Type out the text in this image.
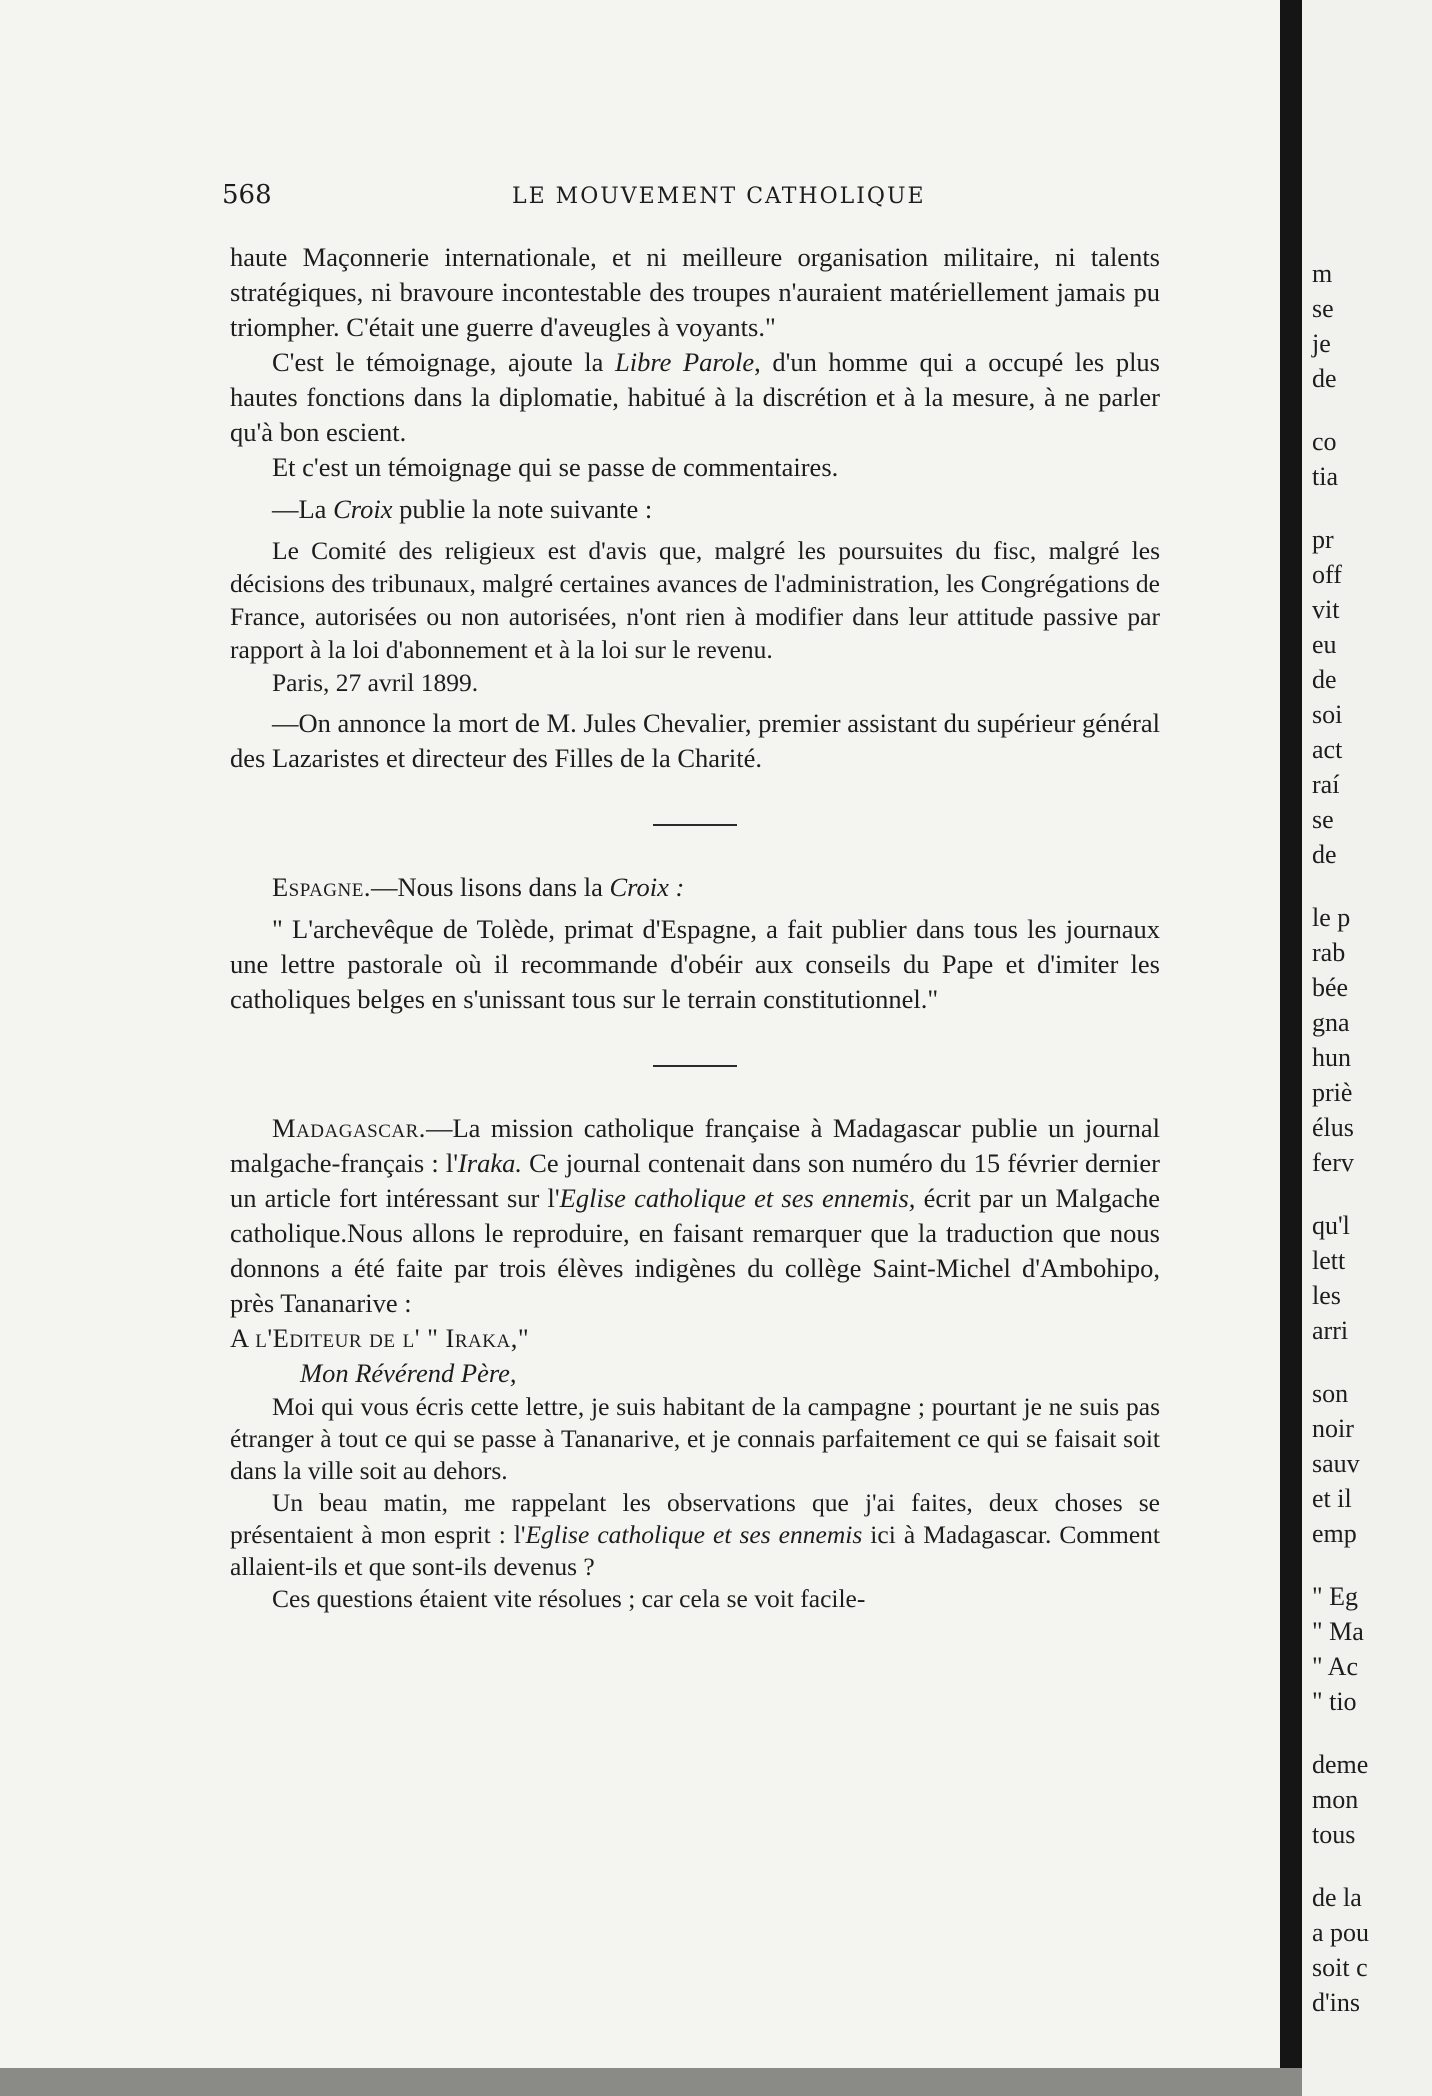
568	LE MOUVEMENT CATHOLIQUE

haute Maçonnerie internationale, et ni meilleure organisation militaire, ni talents stratégiques, ni bravoure incontestable des troupes n'auraient matériellement jamais pu triompher. C'était une guerre d'aveugles à voyants."

C'est le témoignage, ajoute la Libre Parole, d'un homme qui a occupé les plus hautes fonctions dans la diplomatie, habitué à la discrétion et à la mesure, à ne parler qu'à bon escient.

Et c'est un témoignage qui se passe de commentaires.

—La Croix publie la note suivante :

Le Comité des religieux est d'avis que, malgré les poursuites du fisc, malgré les décisions des tribunaux, malgré certaines avances de l'administration, les Congrégations de France, autorisées ou non autorisées, n'ont rien à modifier dans leur attitude passive par rapport à la loi d'abonnement et à la loi sur le revenu.

Paris, 27 avril 1899.

—On annonce la mort de M. Jules Chevalier, premier assistant du supérieur général des Lazaristes et directeur des Filles de la Charité.

Espagne.—Nous lisons dans la Croix :

" L'archevêque de Tolède, primat d'Espagne, a fait publier dans tous les journaux une lettre pastorale où il recommande d'obéir aux conseils du Pape et d'imiter les catholiques belges en s'unissant tous sur le terrain constitutionnel."

Madagascar.—La mission catholique française à Madagascar publie un journal malgache-français : l'Iraka. Ce journal contenait dans son numéro du 15 février dernier un article fort intéressant sur l'Eglise catholique et ses ennemis, écrit par un Malgache catholique.Nous allons le reproduire, en faisant remarquer que la traduction que nous donnons a été faite par trois élèves indigènes du collège Saint-Michel d'Ambohipo, près Tananarive :

A l'Editeur de l' " Iraka,"

Mon Révérend Père,

Moi qui vous écris cette lettre, je suis habitant de la campagne ; pourtant je ne suis pas étranger à tout ce qui se passe à Tananarive, et je connais parfaitement ce qui se faisait soit dans la ville soit au dehors.

Un beau matin, me rappelant les observations que j'ai faites, deux choses se présentaient à mon esprit : l'Eglise catholique et ses ennemis ici à Madagascar. Comment allaient-ils et que sont-ils devenus ?

Ces questions étaient vite résolues ; car cela se voit facile-

m
se
je
de
co
tia
pr
off
vit
eu
de
soi
act
raí
se
de
le p
rab
bée
gna
hun
priè
élus
ferv
qu'l
lett
les
arri
son
noir
sauv
et il
emp
" Eg
" Ma
" Ac
" tio
deme
mon
tous
de la
a pou
soit c
d'ins
